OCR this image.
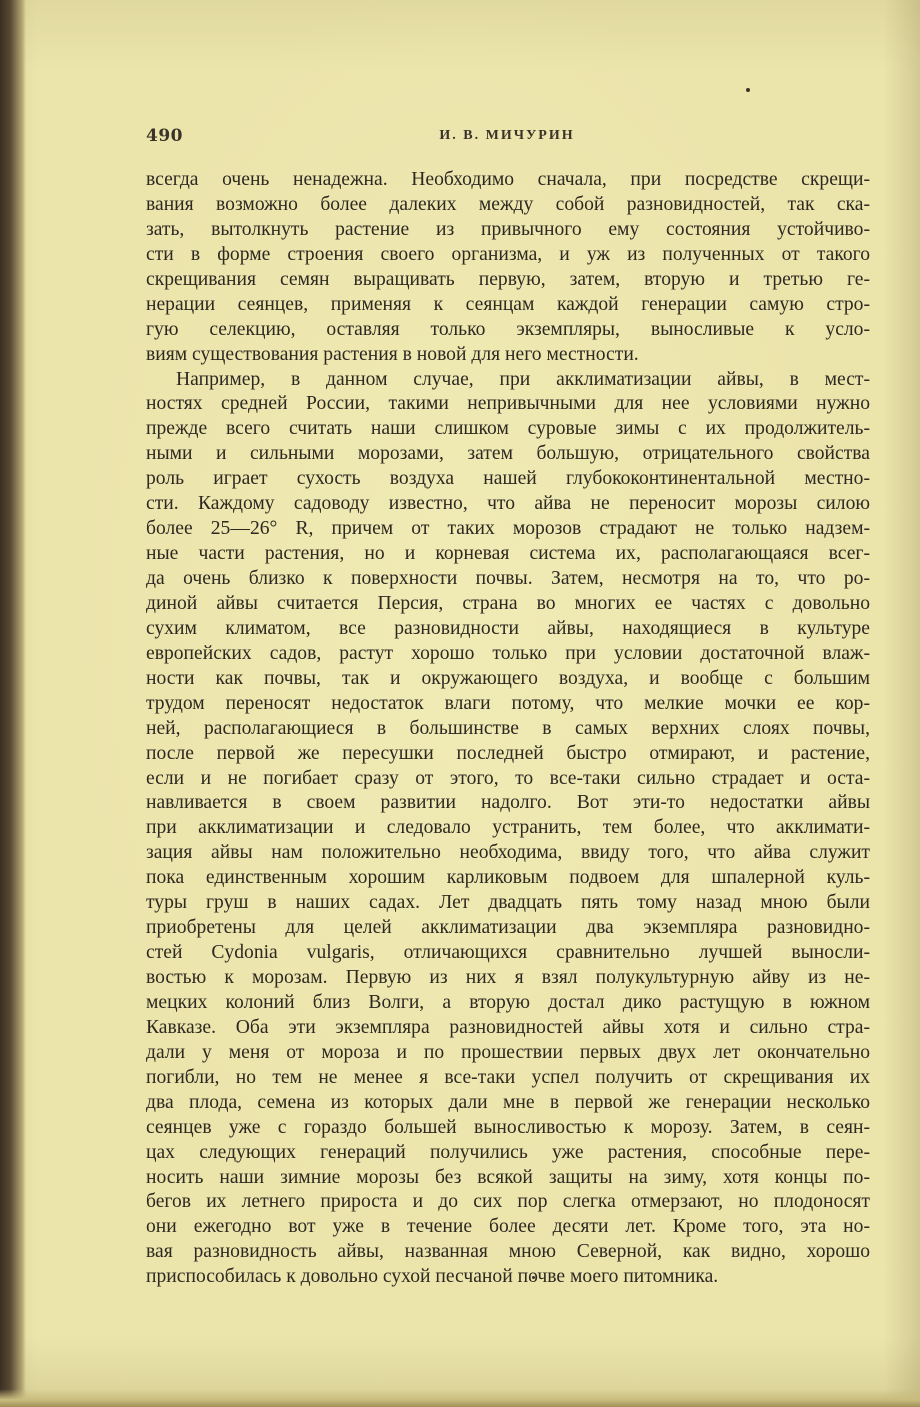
490	И. В. МИЧУРИН
всегда очень ненадежна. Необходимо сначала, при посредстве скрещи-
вания возможно более далеких между собой разновидностей, так ска-
зать, вытолкнуть растение из привычного ему состояния устойчиво-
сти в форме строения своего организма, и уж из полученных от такого
скрещивания семян выращивать первую, затем, вторую и третью ге-
нерации сеянцев, применяя к сеянцам каждой генерации самую стро-
гую селекцию, оставляя только экземпляры, выносливые к усло-
виям существования растения в новой для него местности.
Например, в данном случае, при акклиматизации айвы, в мест-
ностях средней России, такими непривычными для нее условиями нужно
прежде всего считать наши слишком суровые зимы с их продолжитель-
ными и сильными морозами, затем большую, отрицательного свойства
роль играет сухость воздуха нашей глубококонтинентальной местно-
сти. Каждому садоводу известно, что айва не переносит морозы силою
более 25—26° R, причем от таких морозов страдают не только надзем-
ные части растения, но и корневая система их, располагающаяся всег-
да очень близко к поверхности почвы. Затем, несмотря на то, что ро-
диной айвы считается Персия, страна во многих ее частях с довольно
сухим климатом, все разновидности айвы, находящиеся в культуре
европейских садов, растут хорошо только при условии достаточной влаж-
ности как почвы, так и окружающего воздуха, и вообще с большим
трудом переносят недостаток влаги потому, что мелкие мочки ее кор-
ней, располагающиеся в большинстве в самых верхних слоях почвы,
после первой же пересушки последней быстро отмирают, и растение,
если и не погибает сразу от этого, то все-таки сильно страдает и оста-
навливается в своем развитии надолго. Вот эти-то недостатки айвы
при акклиматизации и следовало устранить, тем более, что акклимати-
зация айвы нам положительно необходима, ввиду того, что айва служит
пока единственным хорошим карликовым подвоем для шпалерной куль-
туры груш в наших садах. Лет двадцать пять тому назад мною были
приобретены для целей акклиматизации два экземпляра разновидно-
стей Cydonia vulgaris, отличающихся сравнительно лучшей выносли-
востью к морозам. Первую из них я взял полукультурную айву из не-
мецких колоний близ Волги, а вторую достал дико растущую в южном
Кавказе. Оба эти экземпляра разновидностей айвы хотя и сильно стра-
дали у меня от мороза и по прошествии первых двух лет окончательно
погибли, но тем не менее я все-таки успел получить от скрещивания их
два плода, семена из которых дали мне в первой же генерации несколько
сеянцев уже с гораздо большей выносливостью к морозу. Затем, в сеян-
цах следующих генераций получились уже растения, способные пере-
носить наши зимние морозы без всякой защиты на зиму, хотя концы по-
бегов их летнего прироста и до сих пор слегка отмерзают, но плодоносят
они ежегодно вот уже в течение более десяти лет. Кроме того, эта но-
вая разновидность айвы, названная мною Северной, как видно, хорошо
приспособилась к довольно сухой песчаной почве моего питомника.
